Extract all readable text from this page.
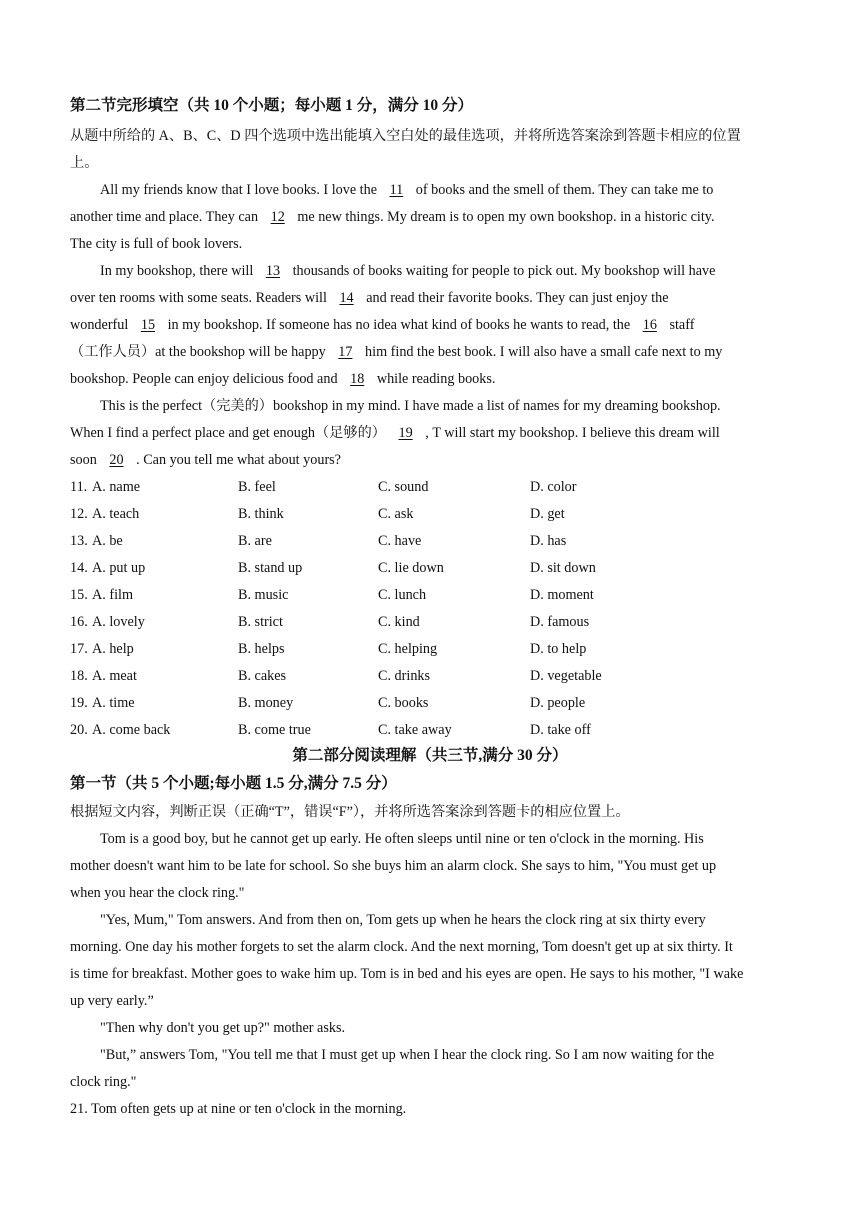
第二节完形填空（共 10 个小题；每小题 1 分，满分 10 分）
从题中所给的 A、B、C、D 四个选项中选出能填入空白处的最佳选项，并将所选答案涂到答题卡相应的位置
上。
All my friends know that I love books. I love the 11 of books and the smell of them. They can take me to
another time and place. They can 12 me new things. My dream is to open my own bookshop. in a historic city.
The city is full of book lovers.
In my bookshop, there will 13 thousands of books waiting for people to pick out. My bookshop will have
over ten rooms with some seats. Readers will 14 and read their favorite books. They can just enjoy the
wonderful 15 in my bookshop. If someone has no idea what kind of books he wants to read, the 16 staff
（工作人员）at the bookshop will be happy 17 him find the best book. I will also have a small cafe next to my
bookshop. People can enjoy delicious food and 18 while reading books.
This is the perfect（完美的）bookshop in my mind. I have made a list of names for my dreaming bookshop.
When I find a perfect place and get enough（足够的） 19 , T will start my bookshop. I believe this dream will
soon 20 . Can you tell me what about yours?
11. A. name	B. feel	C. sound	D. color
12. A. teach	B. think	C. ask	D. get
13. A. be	B. are	C. have	D. has
14. A. put up	B. stand up	C. lie down	D. sit down
15. A. film	B. music	C. lunch	D. moment
16. A. lovely	B. strict	C. kind	D. famous
17. A. help	B. helps	C. helping	D. to help
18. A. meat	B. cakes	C. drinks	D. vegetable
19. A. time	B. money	C. books	D. people
20. A. come back	B. come true	C. take away	D. take off
第二部分阅读理解（共三节,满分 30 分）
第一节（共 5 个小题;每小题 1.5 分,满分 7.5 分）
根据短文内容，判断正误（正确“T”，错误“F”），并将所选答案涂到答题卡的相应位置上。
Tom is a good boy, but he cannot get up early. He often sleeps until nine or ten o'clock in the morning. His
mother doesn't want him to be late for school. So she buys him an alarm clock. She says to him, "You must get up
when you hear the clock ring."
"Yes, Mum," Tom answers. And from then on, Tom gets up when he hears the clock ring at six thirty every
morning. One day his mother forgets to set the alarm clock. And the next morning, Tom doesn't get up at six thirty. It
is time for breakfast. Mother goes to wake him up. Tom is in bed and his eyes are open. He says to his mother, "I wake
up very early.”
"Then why don't you get up?" mother asks.
"But,” answers Tom, "You tell me that I must get up when I hear the clock ring. So I am now waiting for the
clock ring."
21. Tom often gets up at nine or ten o'clock in the morning.
